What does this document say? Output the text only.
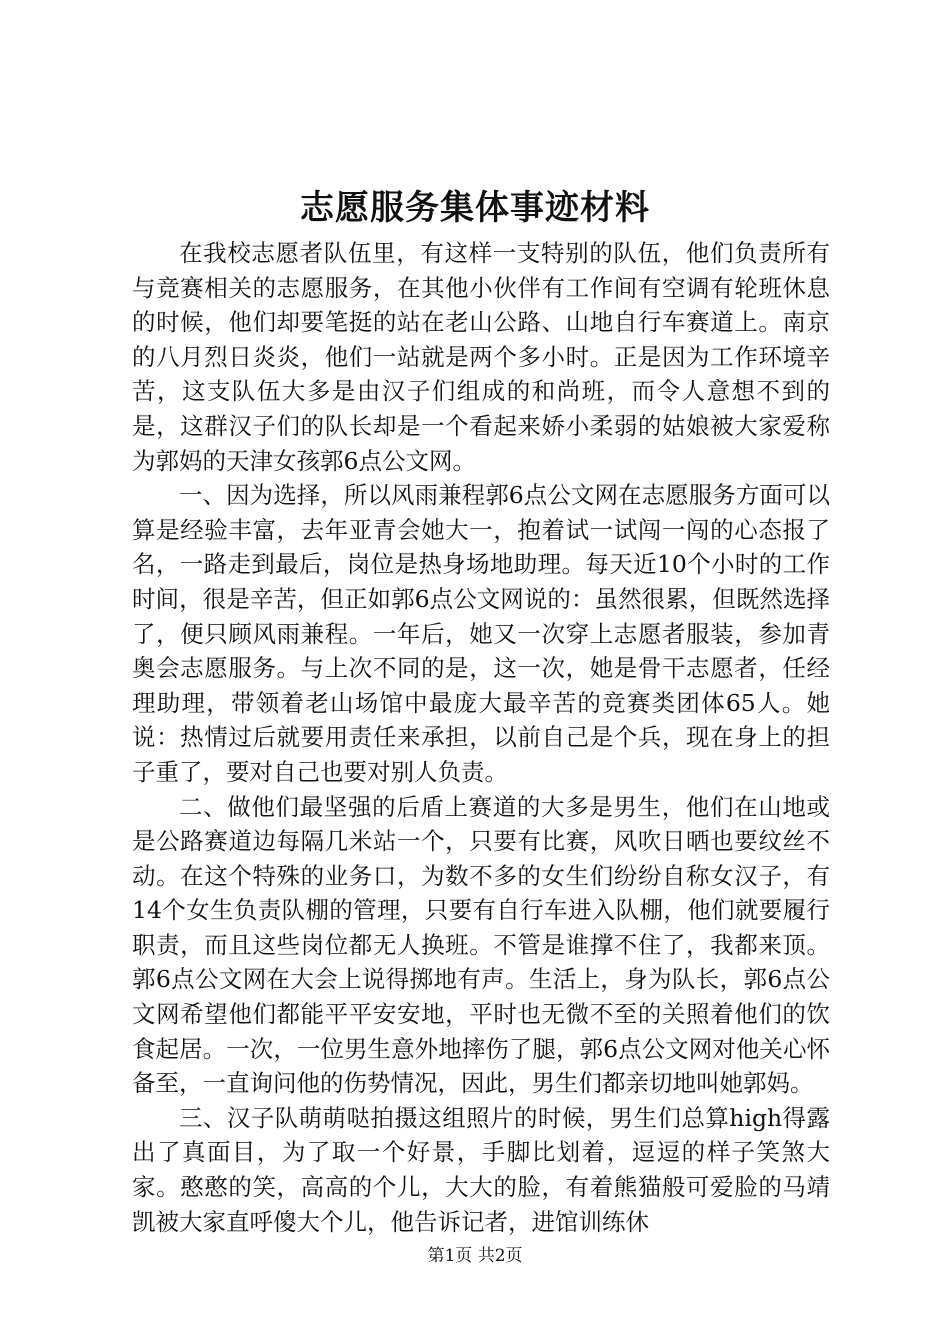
志愿服务集体事迹材料

在我校志愿者队伍里，有这样一支特别的队伍，他们负责所有与竞赛相关的志愿服务，在其他小伙伴有工作间有空调有轮班休息的时候，他们却要笔挺的站在老山公路、山地自行车赛道上。南京的八月烈日炎炎，他们一站就是两个多小时。正是因为工作环境辛苦，这支队伍大多是由汉子们组成的和尚班，而令人意想不到的是，这群汉子们的队长却是一个看起来娇小柔弱的姑娘被大家爱称为郭妈的天津女孩郭6点公文网。

一、因为选择，所以风雨兼程郭6点公文网在志愿服务方面可以算是经验丰富，去年亚青会她大一，抱着试一试闯一闯的心态报了名，一路走到最后，岗位是热身场地助理。每天近10个小时的工作时间，很是辛苦，但正如郭6点公文网说的：虽然很累，但既然选择了，便只顾风雨兼程。一年后，她又一次穿上志愿者服装，参加青奥会志愿服务。与上次不同的是，这一次，她是骨干志愿者，任经理助理，带领着老山场馆中最庞大最辛苦的竞赛类团体65人。她说：热情过后就要用责任来承担，以前自己是个兵，现在身上的担子重了，要对自己也要对别人负责。

二、做他们最坚强的后盾上赛道的大多是男生，他们在山地或是公路赛道边每隔几米站一个，只要有比赛，风吹日晒也要纹丝不动。在这个特殊的业务口，为数不多的女生们纷纷自称女汉子，有14个女生负责队棚的管理，只要有自行车进入队棚，他们就要履行职责，而且这些岗位都无人换班。不管是谁撑不住了，我都来顶。郭6点公文网在大会上说得掷地有声。生活上，身为队长，郭6点公文网希望他们都能平平安安地，平时也无微不至的关照着他们的饮食起居。一次，一位男生意外地摔伤了腿，郭6点公文网对他关心怀备至，一直询问他的伤势情况，因此，男生们都亲切地叫她郭妈。

三、汉子队萌萌哒拍摄这组照片的时候，男生们总算high得露出了真面目，为了取一个好景，手脚比划着，逗逗的样子笑煞大家。憨憨的笑，高高的个儿，大大的脸，有着熊猫般可爱脸的马靖凯被大家直呼傻大个儿，他告诉记者，进馆训练休

第1页 共2页
